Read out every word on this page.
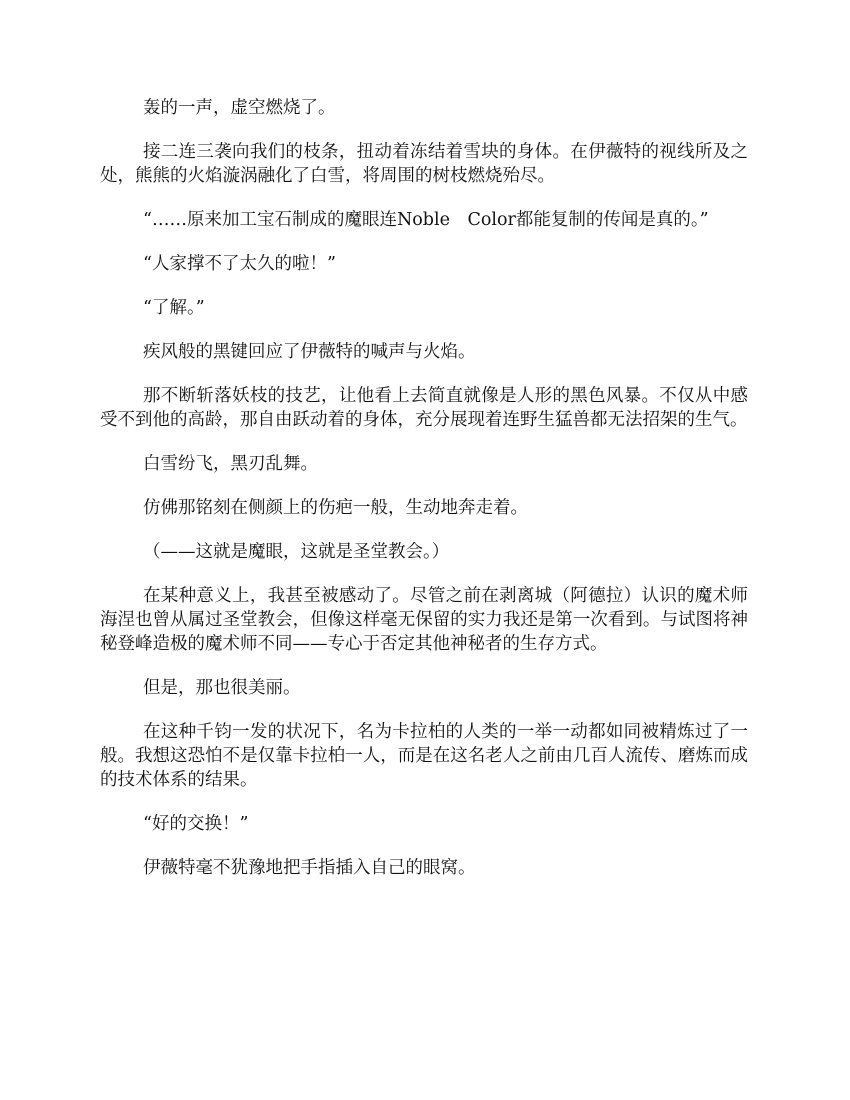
轰的一声，虚空燃烧了。

接二连三袭向我们的枝条，扭动着冻结着雪块的身体。在伊薇特的视线所及之处，熊熊的火焰漩涡融化了白雪，将周围的树枝燃烧殆尽。

“……原来加工宝石制成的魔眼连Noble　Color都能复制的传闻是真的。”

“人家撑不了太久的啦！”

“了解。”

疾风般的黑键回应了伊薇特的喊声与火焰。

那不断斩落妖枝的技艺，让他看上去简直就像是人形的黑色风暴。不仅从中感受不到他的高龄，那自由跃动着的身体，充分展现着连野生猛兽都无法招架的生气。

白雪纷飞，黑刃乱舞。

仿佛那铭刻在侧颜上的伤疤一般，生动地奔走着。

（——这就是魔眼，这就是圣堂教会。）

在某种意义上，我甚至被感动了。尽管之前在剥离城（阿德拉）认识的魔术师海涅也曾从属过圣堂教会，但像这样毫无保留的实力我还是第一次看到。与试图将神秘登峰造极的魔术师不同——专心于否定其他神秘者的生存方式。

但是，那也很美丽。

在这种千钧一发的状况下，名为卡拉柏的人类的一举一动都如同被精炼过了一般。我想这恐怕不是仅靠卡拉柏一人，而是在这名老人之前由几百人流传、磨炼而成的技术体系的结果。

“好的交换！”

伊薇特毫不犹豫地把手指插入自己的眼窝。
